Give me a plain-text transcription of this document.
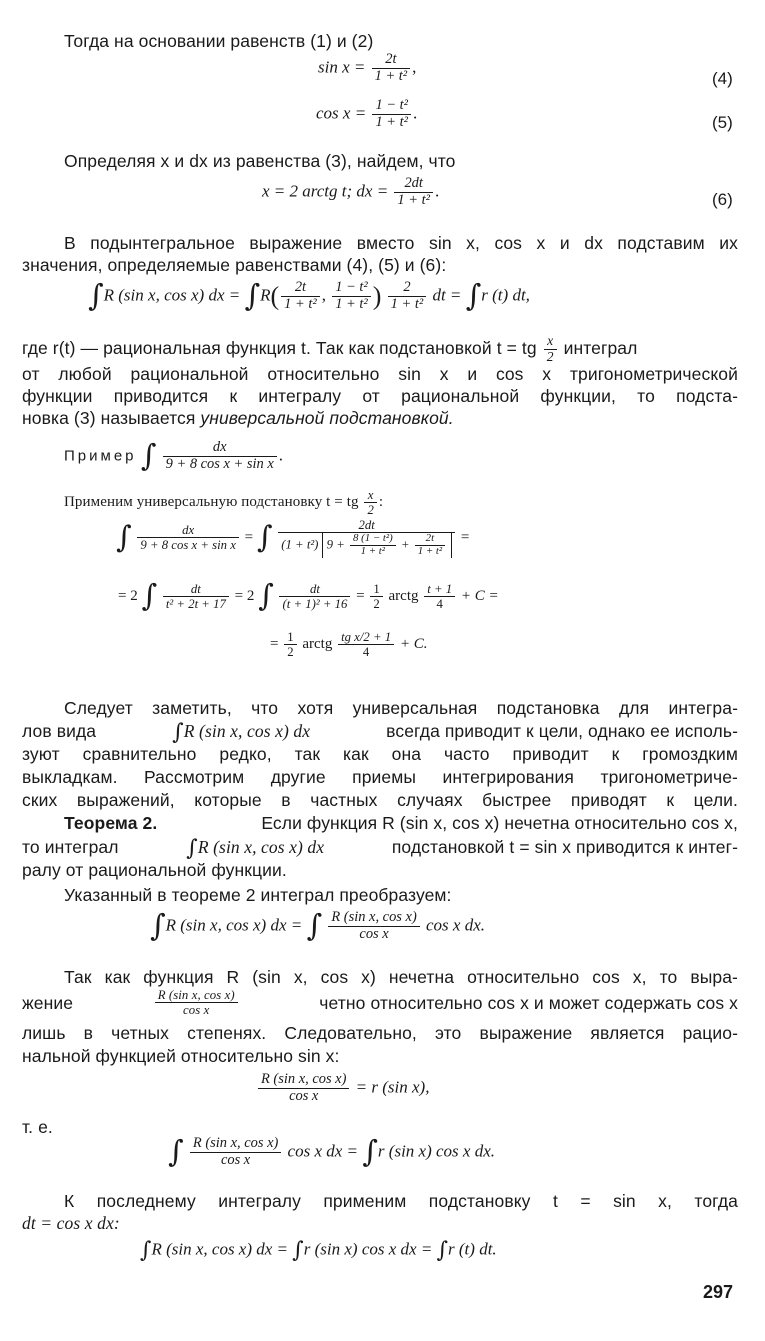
Тогда на основании равенств (1) и (2)
$\sin x = \frac{2t}{\text{1 + t²}}$ ,
(4)
$\cos x = \frac{\text{1 − t²}}{\text{1 + t²}}$ .
(5)
Определяя x и dx из равенства (3), найдем, что
x = 2 arctg t; dx = $\frac{2dt}{\text{1 + t²}}$ .	(6)
В подынтегральное выражение вместо sin x, cos x и dx подставим их
значения, определяемые равенствами (4), (5) и (6):
∫R (sin x, cos x) dx = $\int R( \frac{2t}{\text{1 + t²}}$ , $\frac{\text{1 − t²}}{\text{1 + t²}}$ ) $\frac{2}{\text{1 + t²}}$ dt = ∫r (t) dt,
где r(t) — рациональная функция t. Так как подстановкой t = tg $\frac{x}{2}$ интеграл
от любой рациональной относительно sin x и cos x тригонометрической
функции приводится к интегралу от рациональной функции, то подста-
новка (3) называется универсальной подстановкой.
Пример ∫ $\frac{dx}{\text{9 + 8 cos x + sin x}}$ .
Применим универсальную подстановку t = tg $\frac{x}{2}$ :
∫ $\frac{dx}{\text{9 + 8 cos x + sin x}}$ = ∫ $\frac{2dt}{(1 + t^2) 9 + \frac{\text{8 (1 − t²)}}{\text{1 + t²}} + \frac{2t}{\text{1 + t²}}}$ =
= 2 ∫ $\frac{dt}{\text{t² + 2t + 17}} = 2$ ∫ $\frac{dt}{\text{(t + 1)² + 16}} = \frac{1}{2}$ arctg $\frac{t + 1}{4} + C$ =
= $\frac{1}{2}$ arctg $\frac{\text{tg x/2 + 1}}{4} + C$.
Следует заметить, что хотя универсальная подстановка для интегра-
лов вида	∫R (sin x, cos x) dx	всегда приводит к цели, однако ее исполь-
зуют сравнительно редко, так как она часто приводит к громоздким
выкладкам. Рассмотрим другие приемы интегрирования тригонометриче-
ских выражений, которые в частных случаях быстрее приводят к цели.
Теорема 2.	Если функция R (sin x, cos x) нечетна относительно cos x,
то интеграл	∫R (sin x, cos x) dx	подстановкой t = sin x приводится к интег-
ралу от рациональной функции.
Указанный в теореме 2 интеграл преобразуем:
∫R (sin x, cos x) dx = ∫ $\frac{\text{R (sin x, cos x)}}{\text{cos x}}$ cos x dx.
Так как функция R (sin x, cos x) нечетна относительно cos x, то выра-
жение	$\frac{\text{R (sin x, cos x)}}{\text{cos x}}$	четно относительно cos x и может содержать cos x
лишь в четных степенях. Следовательно, это выражение является рацио-
нальной функцией относительно sin x:
$\frac{\text{R (sin x, cos x)}}{\text{cos x}} = r$ (sin x),
т. е.
∫ $\frac{\text{R (sin x, cos x)}}{\text{cos x}}$ cos x dx = ∫r (sin x) cos x dx.
К последнему интегралу применим подстановку t = sin x, тогда
dt = cos x dx:
∫R (sin x, cos x) dx = ∫r (sin x) cos x dx = ∫r (t) dt.
297
